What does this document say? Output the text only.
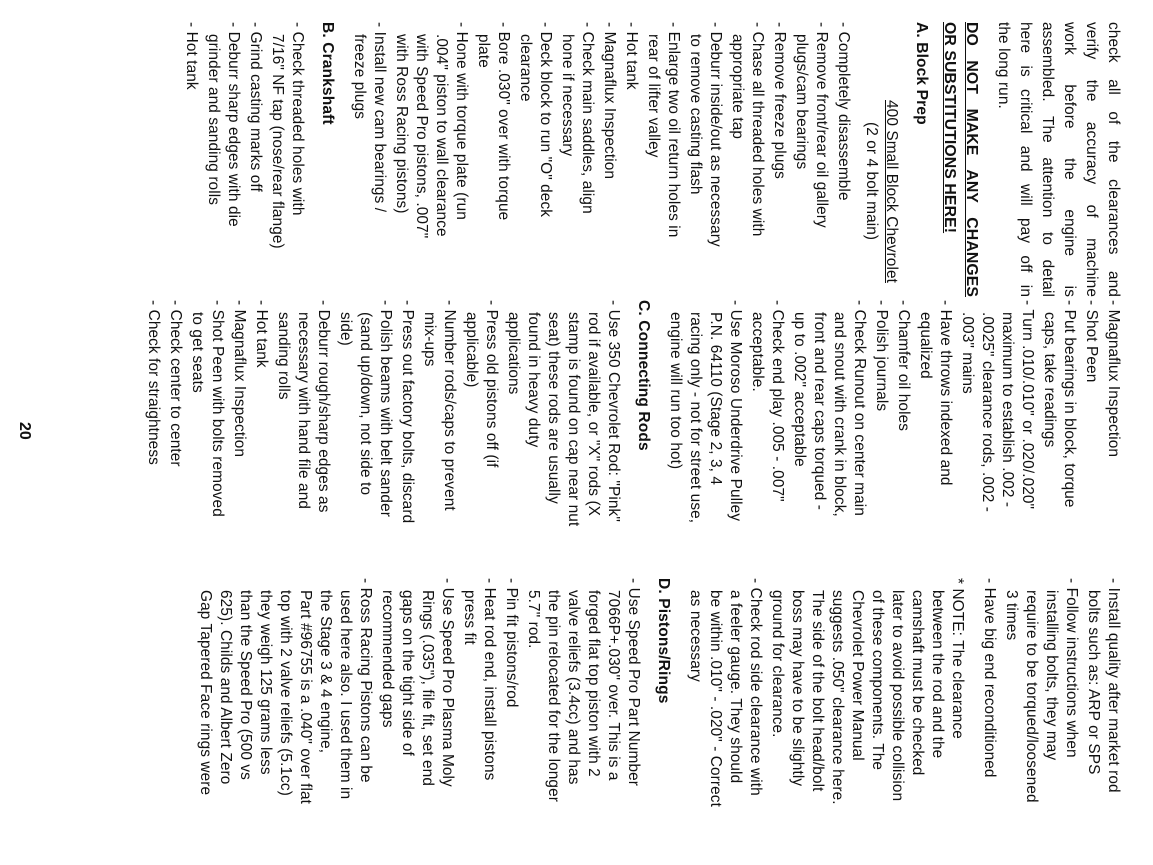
check all of the clearances and
verify the accuracy of machine
work before the engine is
assembled. The attention to detail
here is critical and will pay off in
the long run.
DO NOT MAKE ANY CHANGES
OR SUBSTITUTIONS HERE!
A. Block Prep
400 Small Block Chevrolet
(2 or 4 bolt main)
- Completely disassemble
- Remove front/rear oil gallery
plugs/cam bearings
- Remove freeze plugs
- Chase all threaded holes with
appropriate tap
- Deburr inside/out as necessary
to remove casting flash
- Enlarge two oil return holes in
rear of lifter valley
- Hot tank
- Magnaflux Inspection
- Check main saddles, align
hone if necessary
- Deck block to run "O" deck
clearance
- Bore .030" over with torque
plate
- Hone with torque plate (run
.004" piston to wall clearance
with Speed Pro pistons, .007"
with Ross Racing pistons)
- Install new cam bearings /
freeze plugs
B. Crankshaft
- Check threaded holes with
7/16" NF tap (nose/rear flange)
- Grind casting marks off
- Deburr sharp edges with die
grinder and sanding rolls
- Hot tank
- Magnaflux Inspection
- Shot Peen
- Put bearings in block, torque
caps, take readings
- Turn .010/.010" or .020/.020"
maximum to establish .002 -
.0025" clearance rods, .002 -
.003" mains
- Have throws indexed and
equalized
- Chamfer oil holes
- Polish journals
- Check Runout on center main
and snout with crank in block,
front and rear caps torqued -
up to .002" acceptable
- Check end play .005 - .007"
acceptable.
- Use Moroso Underdrive Pulley
P.N. 64110 (Stage 2, 3, 4
racing only - not for street use,
engine will run too hot)
C. Connecting Rods
- Use 350 Chevrolet Rod: "Pink"
rod if available, or "X" rods (X
stamp is found on cap near nut
seat) these rods are usually
found in heavy duty
applications
- Press old pistons off (if
applicable)
- Number rods/caps to prevent
mix-ups
- Press out factory bolts, discard
- Polish beams with belt sander
(sand up/down, not side to
side)
- Deburr rough/sharp edges as
necessary with hand file and
sanding rolls
- Hot tank
- Magnaflux Inspection
- Shot Peen with bolts removed
to get seats
- Check center to center
- Check for straightness
- Install quality after market rod
bolts such as: ARP or SPS
- Follow instructions when
installing bolts, they may
require to be torqued/loosened
3 times
- Have big end reconditioned
* NOTE: The clearance
between the rod and the
camshaft must be checked
later to avoid possible collision
of these components. The
Chevrolet Power Manual
suggests .050" clearance here.
The side of the bolt head/bolt
boss may have to be slightly
ground for clearance.
- Check rod side clearance with
a feeler gauge. They should
be within .010" - .020" - Correct
as necessary
D. Pistons/Rings
- Use Speed Pro Part Number
7066P+.030" over. This is a
forged flat top piston with 2
valve reliefs (3.4cc) and has
the pin relocated for the longer
5.7" rod.
- Pin fit pistons/rod
- Heat rod end, install pistons
press fit
- Use Speed Pro Plasma Moly
Rings (.035"), file fit, set end
gaps on the tight side of
recommended gaps
- Ross Racing Pistons can be
used here also. I used them in
the Stage 3 & 4 engine,
Part #96755 is a .040" over flat
top with 2 valve reliefs (5.1cc)
they weigh 125 grams less
than the Speed Pro (500 vs
625). Childs and Albert Zero
Gap Tapered Face rings were
20
